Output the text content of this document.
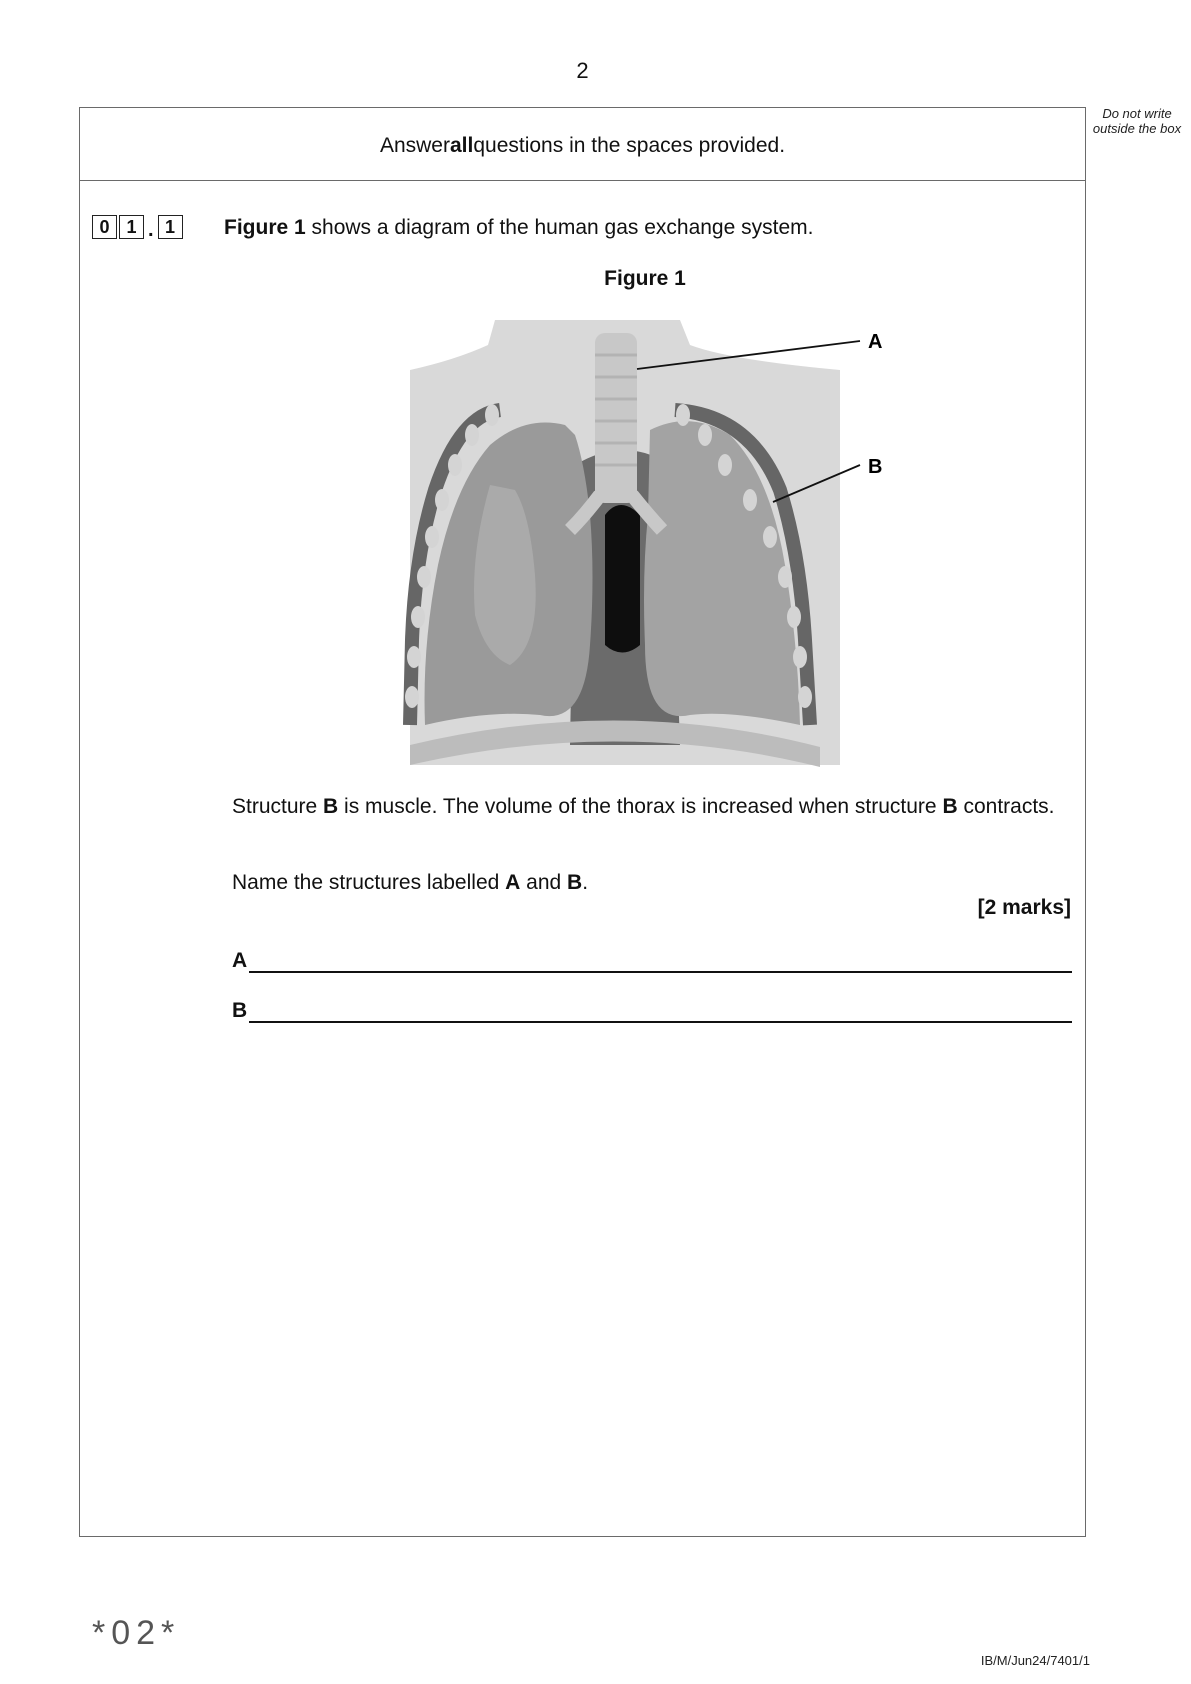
2
Do not write outside the box
Answer all questions in the spaces provided.
0 1 . 1	Figure 1 shows a diagram of the human gas exchange system.
Figure 1
A
B
Structure B is muscle. The volume of the thorax is increased when structure B contracts.
Name the structures labelled A and B.
[2 marks]
A
B
*02*
IB/M/Jun24/7401/1
